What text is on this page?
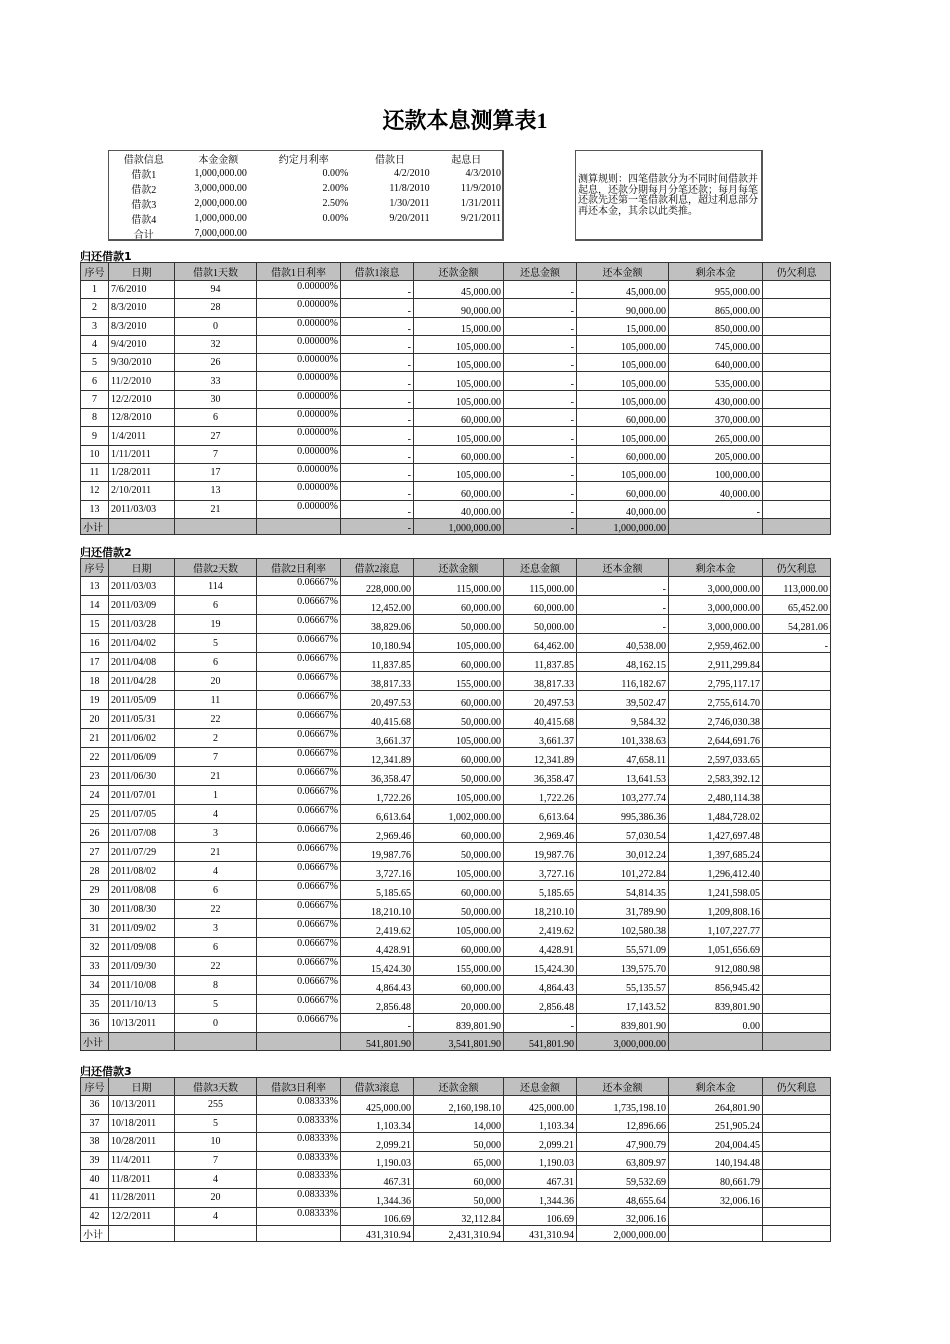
还款本息测算表1
借款信息	本金金额	约定月利率	借款日	起息日
借款1	1,000,000.00	0.00%	4/2/2010	4/3/2010
借款2	3,000,000.00	2.00%	11/8/2010	11/9/2010
借款3	2,000,000.00	2.50%	1/30/2011	1/31/2011
借款4	1,000,000.00	0.00%	9/20/2011	9/21/2011
合计	7,000,000.00			
测算规则：四笔借款分为不同时间借款并起息，还款分期每月分笔还款；每月每笔还款先还第一笔借款利息，超过利息部分再还本金，其余以此类推。
归还借款1
序号	日期	借款1天数	借款1日利率	借款1滚息	还款金额	还息金额	还本金额	剩余本金	仍欠利息
1	7/6/2010	94	0.00000%	-	45,000.00	-	45,000.00	955,000.00	
2	8/3/2010	28	0.00000%	-	90,000.00	-	90,000.00	865,000.00	
3	8/3/2010	0	0.00000%	-	15,000.00	-	15,000.00	850,000.00	
4	9/4/2010	32	0.00000%	-	105,000.00	-	105,000.00	745,000.00	
5	9/30/2010	26	0.00000%	-	105,000.00	-	105,000.00	640,000.00	
6	11/2/2010	33	0.00000%	-	105,000.00	-	105,000.00	535,000.00	
7	12/2/2010	30	0.00000%	-	105,000.00	-	105,000.00	430,000.00	
8	12/8/2010	6	0.00000%	-	60,000.00	-	60,000.00	370,000.00	
9	1/4/2011	27	0.00000%	-	105,000.00	-	105,000.00	265,000.00	
10	1/11/2011	7	0.00000%	-	60,000.00	-	60,000.00	205,000.00	
11	1/28/2011	17	0.00000%	-	105,000.00	-	105,000.00	100,000.00	
12	2/10/2011	13	0.00000%	-	60,000.00	-	60,000.00	40,000.00	
13	2011/03/03	21	0.00000%	-	40,000.00	-	40,000.00	-	
小计				-	1,000,000.00	-	1,000,000.00		
归还借款2
序号	日期	借款2天数	借款2日利率	借款2滚息	还款金额	还息金额	还本金额	剩余本金	仍欠利息
13	2011/03/03	114	0.06667%	228,000.00	115,000.00	115,000.00	-	3,000,000.00	113,000.00
14	2011/03/09	6	0.06667%	12,452.00	60,000.00	60,000.00	-	3,000,000.00	65,452.00
15	2011/03/28	19	0.06667%	38,829.06	50,000.00	50,000.00	-	3,000,000.00	54,281.06
16	2011/04/02	5	0.06667%	10,180.94	105,000.00	64,462.00	40,538.00	2,959,462.00	-
17	2011/04/08	6	0.06667%	11,837.85	60,000.00	11,837.85	48,162.15	2,911,299.84	
18	2011/04/28	20	0.06667%	38,817.33	155,000.00	38,817.33	116,182.67	2,795,117.17	
19	2011/05/09	11	0.06667%	20,497.53	60,000.00	20,497.53	39,502.47	2,755,614.70	
20	2011/05/31	22	0.06667%	40,415.68	50,000.00	40,415.68	9,584.32	2,746,030.38	
21	2011/06/02	2	0.06667%	3,661.37	105,000.00	3,661.37	101,338.63	2,644,691.76	
22	2011/06/09	7	0.06667%	12,341.89	60,000.00	12,341.89	47,658.11	2,597,033.65	
23	2011/06/30	21	0.06667%	36,358.47	50,000.00	36,358.47	13,641.53	2,583,392.12	
24	2011/07/01	1	0.06667%	1,722.26	105,000.00	1,722.26	103,277.74	2,480,114.38	
25	2011/07/05	4	0.06667%	6,613.64	1,002,000.00	6,613.64	995,386.36	1,484,728.02	
26	2011/07/08	3	0.06667%	2,969.46	60,000.00	2,969.46	57,030.54	1,427,697.48	
27	2011/07/29	21	0.06667%	19,987.76	50,000.00	19,987.76	30,012.24	1,397,685.24	
28	2011/08/02	4	0.06667%	3,727.16	105,000.00	3,727.16	101,272.84	1,296,412.40	
29	2011/08/08	6	0.06667%	5,185.65	60,000.00	5,185.65	54,814.35	1,241,598.05	
30	2011/08/30	22	0.06667%	18,210.10	50,000.00	18,210.10	31,789.90	1,209,808.16	
31	2011/09/02	3	0.06667%	2,419.62	105,000.00	2,419.62	102,580.38	1,107,227.77	
32	2011/09/08	6	0.06667%	4,428.91	60,000.00	4,428.91	55,571.09	1,051,656.69	
33	2011/09/30	22	0.06667%	15,424.30	155,000.00	15,424.30	139,575.70	912,080.98	
34	2011/10/08	8	0.06667%	4,864.43	60,000.00	4,864.43	55,135.57	856,945.42	
35	2011/10/13	5	0.06667%	2,856.48	20,000.00	2,856.48	17,143.52	839,801.90	
36	10/13/2011	0	0.06667%	-	839,801.90	-	839,801.90	0.00	
小计				541,801.90	3,541,801.90	541,801.90	3,000,000.00		
归还借款3
序号	日期	借款3天数	借款3日利率	借款3滚息	还款金额	还息金额	还本金额	剩余本金	仍欠利息
36	10/13/2011	255	0.08333%	425,000.00	2,160,198.10	425,000.00	1,735,198.10	264,801.90	
37	10/18/2011	5	0.08333%	1,103.34	14,000	1,103.34	12,896.66	251,905.24	
38	10/28/2011	10	0.08333%	2,099.21	50,000	2,099.21	47,900.79	204,004.45	
39	11/4/2011	7	0.08333%	1,190.03	65,000	1,190.03	63,809.97	140,194.48	
40	11/8/2011	4	0.08333%	467.31	60,000	467.31	59,532.69	80,661.79	
41	11/28/2011	20	0.08333%	1,344.36	50,000	1,344.36	48,655.64	32,006.16	
42	12/2/2011	4	0.08333%	106.69	32,112.84	106.69	32,006.16		
小计				431,310.94	2,431,310.94	431,310.94	2,000,000.00		
